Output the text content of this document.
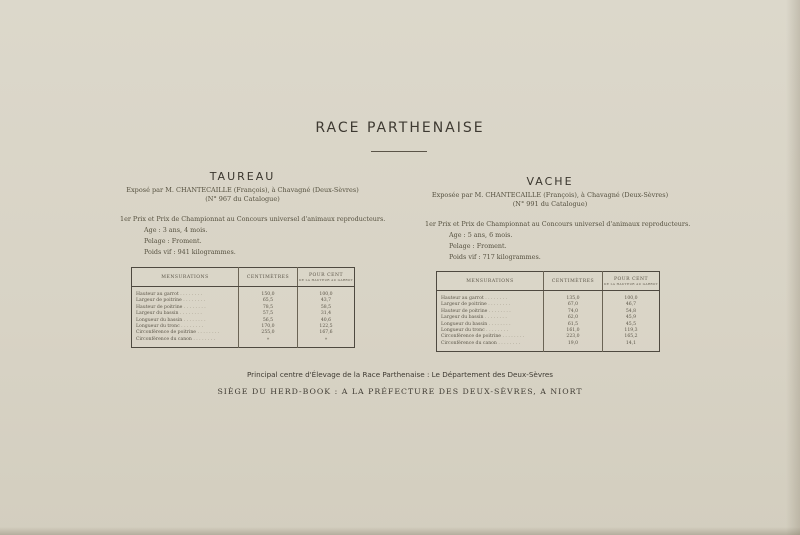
RACE PARTHENAISE
TAUREAU
Exposé par M. CHANTECAILLE (François), à Chavagné (Deux-Sèvres)
(N° 967 du Catalogue)
1er Prix et Prix de Championnat au Concours universel d'animaux reproducteurs.
Age : 3 ans, 4 mois.
Pelage : Froment.
Poids vif : 941 kilogrammes.
MENSURATIONS	CENTIMÈTRES	POUR CENT
DE LA HAUTEUR AU GARROT

Hauteur au garrot . . . . . . . .	150,0	100,0
Largeur de poitrine . . . . . . . .	65,5	43,7
Hauteur de poitrine . . . . . . . .	78,5	58,5
Largeur du bassin . . . . . . . .	57,5	31,4
Longueur du bassin . . . . . . . .	56,5	40,6
Longueur du tronc . . . . . . . .	170,0	122,5
Circonférence de poitrine . . . . . . . .	255,0	167,6
Circonférence du canon . . . . . . . .	»	»
VACHE
Exposée par M. CHANTECAILLE (François), à Chavagné (Deux-Sèvres)
(N° 991 du Catalogue)
1er Prix et Prix de Championnat au Concours universel d'animaux reproducteurs.
Age : 5 ans, 6 mois.
Pelage : Froment.
Poids vif : 717 kilogrammes.
MENSURATIONS	CENTIMÈTRES	POUR CENT
DE LA HAUTEUR AU GARROT

Hauteur au garrot . . . . . . . .	135,0	100,0
Largeur de poitrine . . . . . . . .	67,0	46,7
Hauteur de poitrine . . . . . . . .	74,0	54,8
Largeur du bassin . . . . . . . .	62,0	45,9
Longueur du bassin . . . . . . . .	61,5	45,5
Longueur du tronc . . . . . . . .	161,0	119,3
Circonférence de poitrine . . . . . . . .	223,0	165,2
Circonférence du canon . . . . . . . .	19,0	14,1
Principal centre d'Élevage de la Race Parthenaise : Le Département des Deux-Sèvres
SIÈGE DU HERD-BOOK : A LA PRÉFECTURE DES DEUX-SÈVRES, A NIORT
